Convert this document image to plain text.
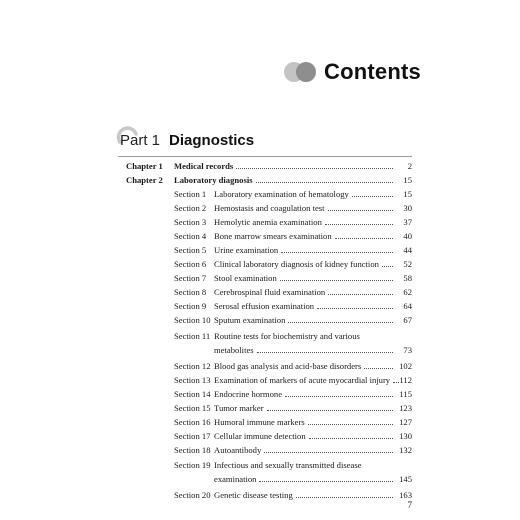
Contents
Part 1 Diagnostics
Chapter 1 Medical records	2
Chapter 2 Laboratory diagnosis	15
Section 1 Laboratory examination of hematology	15
Section 2 Hemostasis and coagulation test	30
Section 3 Hemolytic anemia examination	37
Section 4 Bone marrow smears examination	40
Section 5 Urine examination	44
Section 6 Clinical laboratory diagnosis of kidney function	52
Section 7 Stool examination	58
Section 8 Cerebrospinal fluid examination	62
Section 9 Serosal effusion examination	64
Section 10 Sputum examination	67
Section 11 Routine tests for biochemistry and various
metabolites	73
Section 12 Blood gas analysis and acid-base disorders	102
Section 13 Examination of markers of acute myocardial injury 112
Section 14 Endocrine hormone	115
Section 15 Tumor marker	123
Section 16 Humoral immune markers	127
Section 17 Cellular immune detection	130
Section 18 Autoantibody	132
Section 19 Infectious and sexually transmitted disease
examination	145
Section 20 Genetic disease testing	163
7
